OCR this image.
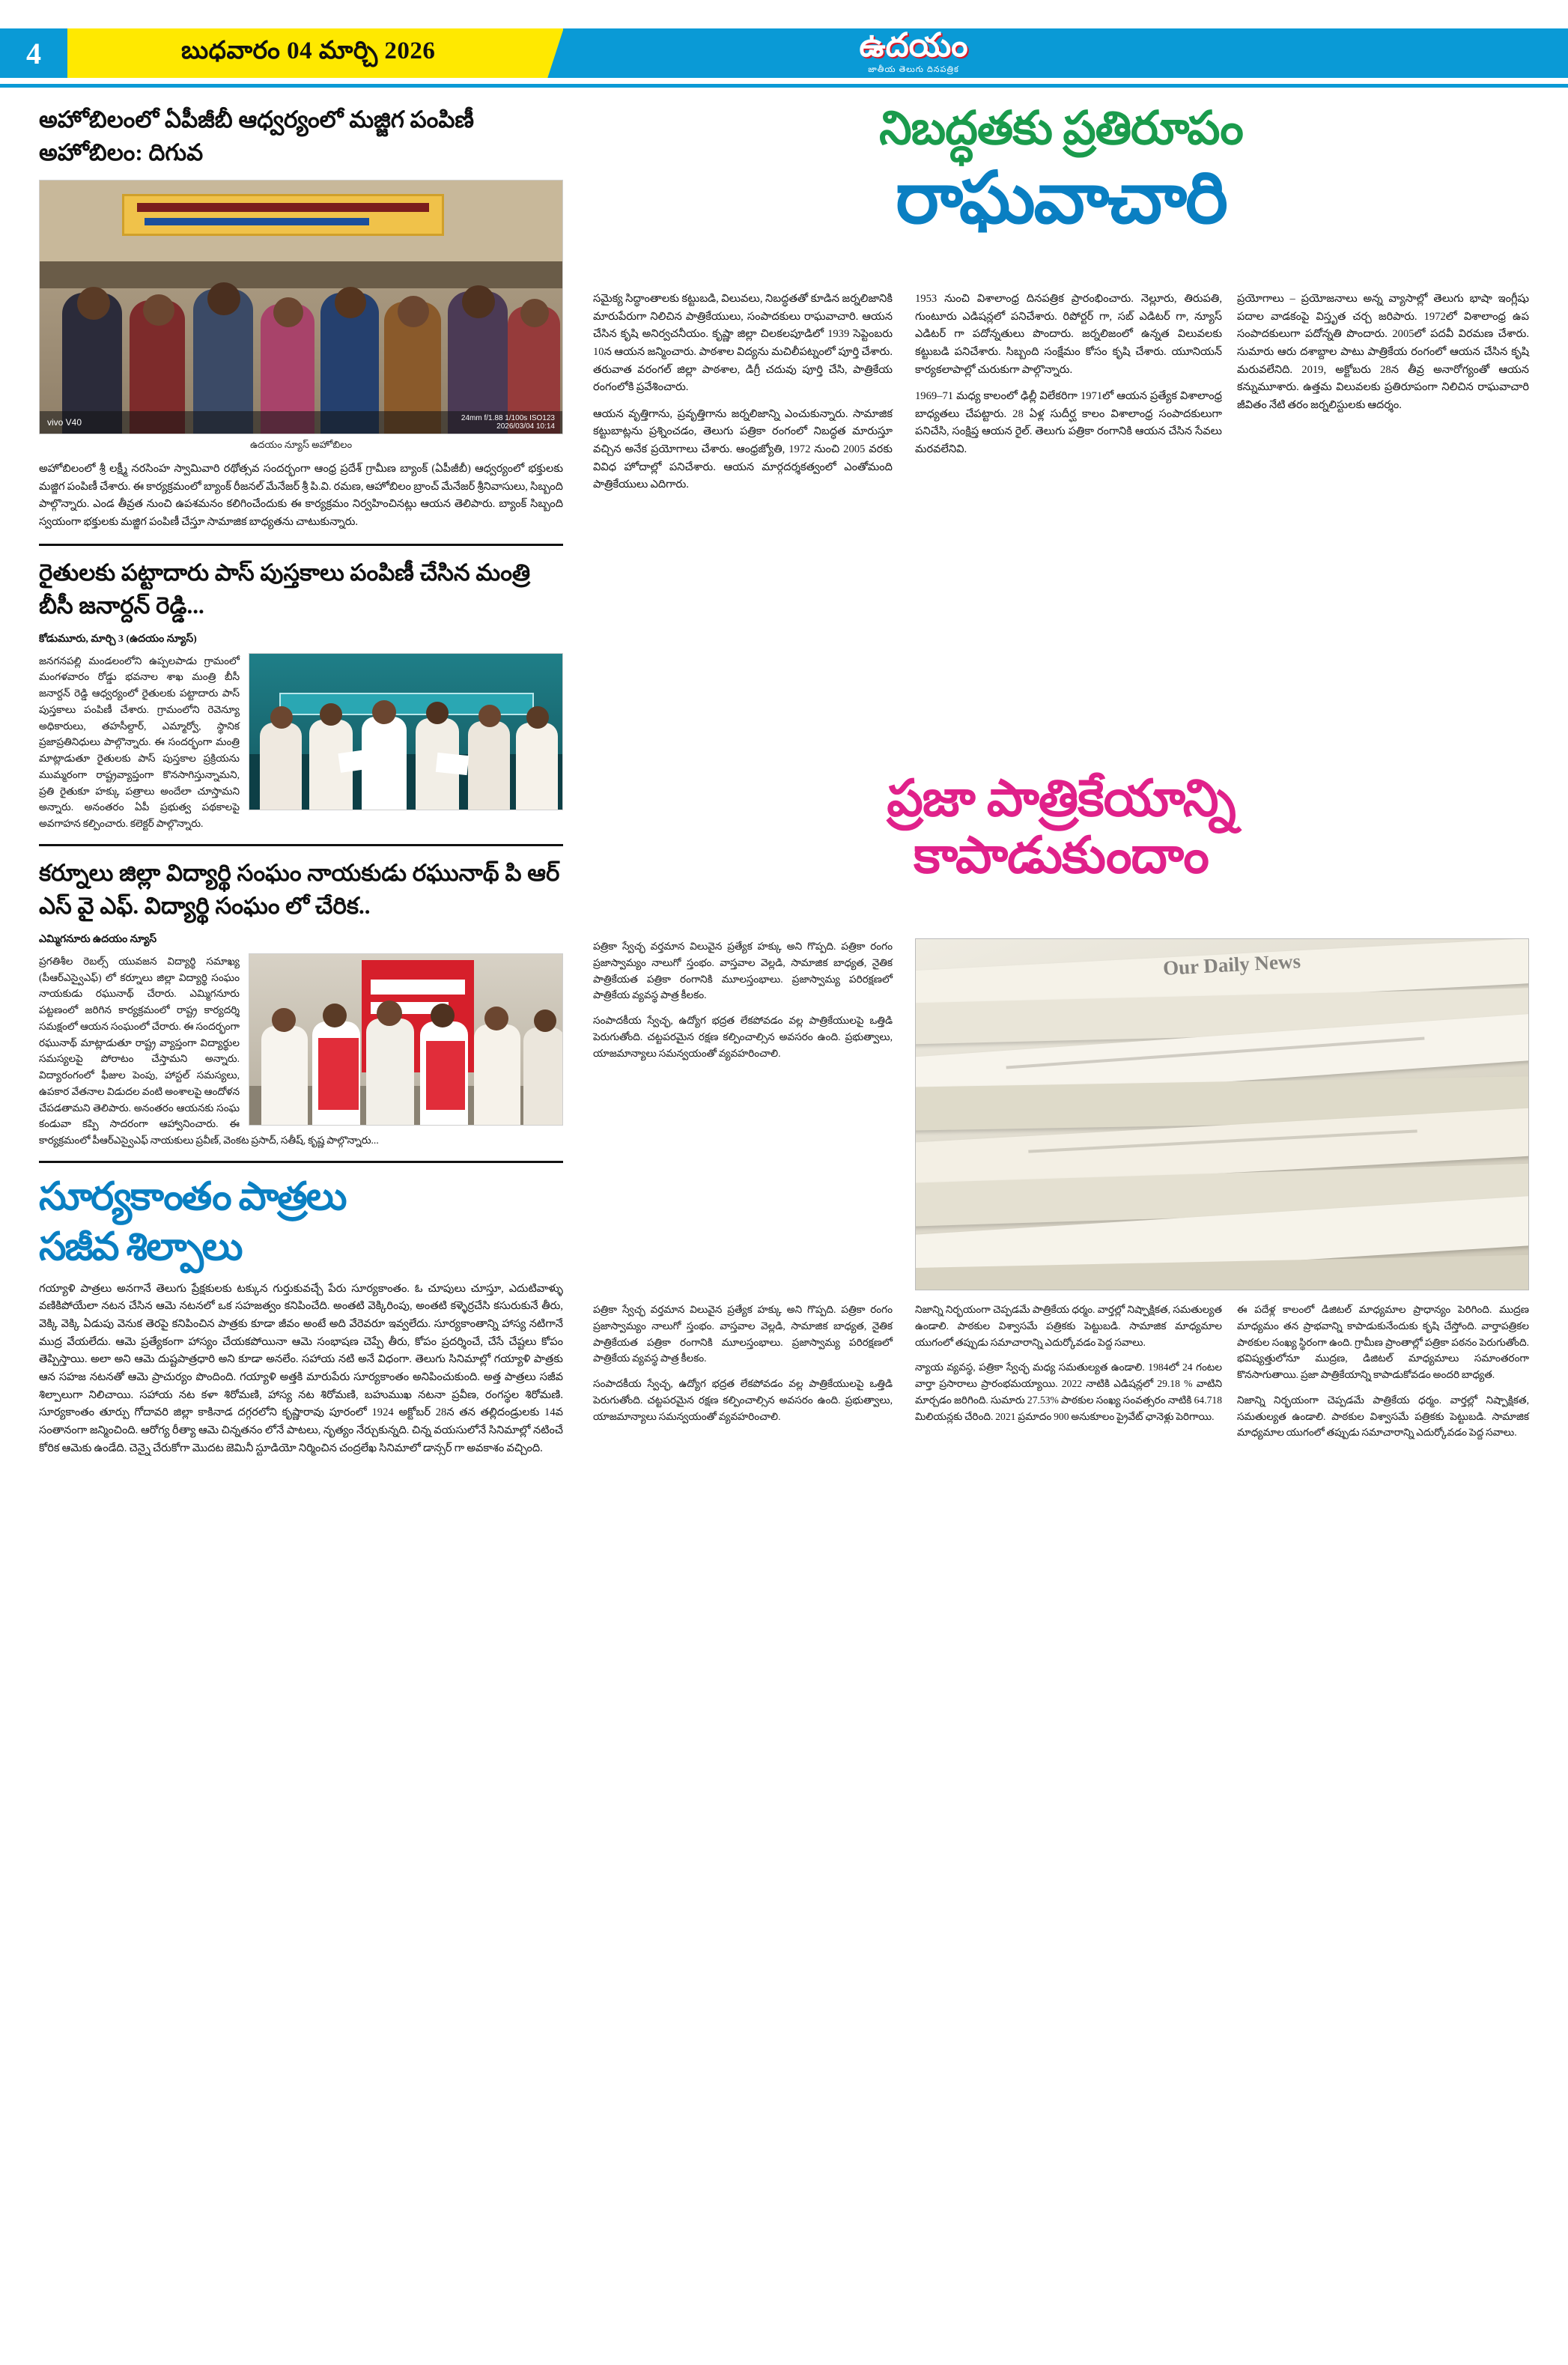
4	బుధవారం 04 మార్చి 2026	ఉదయం
జాతీయ తెలుగు దినపత్రిక
అహోబిలంలో ఏపీజీబీ ఆధ్వర్యంలో మజ్జిగ పంపిణీ అహోబిలం: దిగువ
vivo V40	24mm f/1.88 1/100s ISO123
2026/03/04 10:14
ఉదయం న్యూస్ అహోబిలం
అహోబిలంలో శ్రీ లక్ష్మీ నరసింహ స్వామివారి రథోత్సవ సందర్భంగా ఆంధ్ర ప్రదేశ్ గ్రామీణ బ్యాంక్ (ఏపీజీబీ) ఆధ్వర్యంలో భక్తులకు మజ్జిగ పంపిణీ చేశారు. ఈ కార్యక్రమంలో బ్యాంక్ రీజనల్ మేనేజర్ శ్రీ పి.వి. రమణ, ఆహోబిలం బ్రాంచ్ మేనేజర్ శ్రీనివాసులు, సిబ్బంది పాల్గొన్నారు. ఎండ తీవ్రత నుంచి ఉపశమనం కలిగించేందుకు ఈ కార్యక్రమం నిర్వహించినట్లు ఆయన తెలిపారు. బ్యాంక్ సిబ్బంది స్వయంగా భక్తులకు మజ్జిగ పంపిణీ చేస్తూ సామాజిక బాధ్యతను చాటుకున్నారు.
రైతులకు పట్టాదారు పాస్ పుస్తకాలు పంపిణీ చేసిన మంత్రి బీసీ జనార్దన్ రెడ్డి...
కోడుమూరు, మార్చి 3 (ఉదయం న్యూస్)
జనగనపల్లి మండలంలోని ఉప్పలపాడు గ్రామంలో మంగళవారం రోడ్డు భవనాల శాఖ మంత్రి బీసీ జనార్దన్ రెడ్డి ఆధ్వర్యంలో రైతులకు పట్టాదారు పాస్ పుస్తకాలు పంపిణీ చేశారు. గ్రామంలోని రెవెన్యూ అధికారులు, తహసీల్దార్, ఎమ్మార్వో, స్థానిక ప్రజాప్రతినిధులు పాల్గొన్నారు. ఈ సందర్భంగా మంత్రి మాట్లాడుతూ రైతులకు పాస్ పుస్తకాల ప్రక్రియను ముమ్మరంగా రాష్ట్రవ్యాప్తంగా కొనసాగిస్తున్నామని, ప్రతి రైతుకూ హక్కు పత్రాలు అందేలా చూస్తామని అన్నారు. అనంతరం ఏపీ ప్రభుత్వ పథకాలపై అవగాహన కల్పించారు. కలెక్టర్ పాల్గొన్నారు.
కర్నూలు జిల్లా విద్యార్థి సంఘం నాయకుడు రఘునాథ్ పి ఆర్ ఎస్ వై ఎఫ్. విద్యార్థి సంఘం లో చేరిక..
ఎమ్మిగనూరు ఉదయం న్యూస్
ప్రగతిశీల రెబల్స్ యువజన విద్యార్థి సమాఖ్య (పీఆర్ఎస్వైఎఫ్) లో కర్నూలు జిల్లా విద్యార్థి సంఘం నాయకుడు రఘునాథ్ చేరారు. ఎమ్మిగనూరు పట్టణంలో జరిగిన కార్యక్రమంలో రాష్ట్ర కార్యదర్శి సమక్షంలో ఆయన సంఘంలో చేరారు. ఈ సందర్భంగా రఘునాథ్ మాట్లాడుతూ రాష్ట్ర వ్యాప్తంగా విద్యార్థుల సమస్యలపై పోరాటం చేస్తామని అన్నారు. విద్యారంగంలో ఫీజుల పెంపు, హాస్టల్ సమస్యలు, ఉపకార వేతనాల విడుదల వంటి అంశాలపై ఆందోళన చేపడతామని తెలిపారు. అనంతరం ఆయనకు సంఘ కండువా కప్పి సాదరంగా ఆహ్వానించారు. ఈ కార్యక్రమంలో పీఆర్ఎస్వైఎఫ్ నాయకులు ప్రవీణ్, వెంకట ప్రసాద్, సతీష్, కృష్ణ పాల్గొన్నారు...
సూర్యకాంతం పాత్రలు
సజీవ శిల్పాలు
గయ్యాళి పాత్రలు అనగానే తెలుగు ప్రేక్షకులకు టక్కున గుర్తుకువచ్చే పేరు సూర్యకాంతం. ఓ చూపులు చూస్తూ, ఎదుటివాళ్ళు వణికిపోయేలా నటన చేసిన ఆమె నటనలో ఒక సహజత్వం కనిపించేది. అంతటి వెక్కిరింపు, అంతటి కళ్ళెర్రచేసి కసురుకునే తీరు, వెక్కి వెక్కి ఏడుపు వెనుక తెరపై కనిపించిన పాత్రకు కూడా జీవం అంటే అది వేరెవరూ ఇవ్వలేదు. సూర్యకాంతాన్ని హాస్య నటిగానే ముద్ర వేయలేదు. ఆమె ప్రత్యేకంగా హాస్యం చేయకపోయినా ఆమె సంభాషణ చెప్పే తీరు, కోపం ప్రదర్శించే, చేసే చేష్టలు కోపం తెప్పిస్తాయి. అలా అని ఆమె దుష్టపాత్రధారి అని కూడా అనలేం. సహాయ నటి అనే విధంగా. తెలుగు సినిమాల్లో గయ్యాళి పాత్రకు ఆన సహజ నటనతో ఆమె ప్రాచుర్యం పొందింది. గయ్యాళి అత్తకి మారుపేరు సూర్యకాంతం అనిపించుకుంది. అత్త పాత్రలు సజీవ శిల్పాలుగా నిలిచాయి. సహాయ నట కళా శిరోమణి, హాస్య నట శిరోమణి, బహుముఖ నటనా ప్రవీణ, రంగస్థల శిరోమణి. సూర్యకాంతం తూర్పు గోదావరి జిల్లా కాకినాడ దగ్గరలోని కృష్ణారావు పూరంలో 1924 అక్టోబర్ 28న తన తల్లిదండ్రులకు 14వ సంతానంగా జన్మించింది. ఆరోగ్య రీత్యా ఆమె చిన్నతనం లోనే పాటలు, నృత్యం నేర్చుకున్నది. చిన్న వయసులోనే సినిమాల్లో నటించే కోరిక ఆమెకు ఉండేది. చెన్నై చేరుకోగా మొదట జెమినీ స్టూడియో నిర్మించిన చంద్రలేఖ సినిమాలో డాన్సర్ గా అవకాశం వచ్చింది.
నిబద్ధతకు ప్రతిరూపం
రాఘవాచారి
సమైక్య సిద్ధాంతాలకు కట్టుబడి, విలువలు, నిబద్ధతతో కూడిన జర్నలిజానికి మారుపేరుగా నిలిచిన పాత్రికేయులు, సంపాదకులు రాఘవాచారి. ఆయన చేసిన కృషి అనిర్వచనీయం. కృష్ణా జిల్లా చిలకలపూడిలో 1939 సెప్టెంబరు 10న ఆయన జన్మించారు. పాఠశాల విద్యను మచిలీపట్నంలో పూర్తి చేశారు. తరువాత వరంగల్ జిల్లా పాఠశాల, డిగ్రీ చదువు పూర్తి చేసి, పాత్రికేయ రంగంలోకి ప్రవేశించారు.
ఆయన వృత్తిగాను, ప్రవృత్తిగాను జర్నలిజాన్ని ఎంచుకున్నారు. సామాజిక కట్టుబాట్లను ప్రశ్నించడం, తెలుగు పత్రికా రంగంలో నిబద్ధత మారుస్తూ వచ్చిన అనేక ప్రయోగాలు చేశారు. ఆంధ్రజ్యోతి, 1972 నుంచి 2005 వరకు వివిధ హోదాల్లో పనిచేశారు. ఆయన మార్గదర్శకత్వంలో ఎంతోమంది పాత్రికేయులు ఎదిగారు.
1953 నుంచి విశాలాంధ్ర దినపత్రిక ప్రారంభించారు. నెల్లూరు, తిరుపతి, గుంటూరు ఎడిషన్లలో పనిచేశారు. రిపోర్టర్ గా, సబ్ ఎడిటర్ గా, న్యూస్ ఎడిటర్ గా పదోన్నతులు పొందారు. జర్నలిజంలో ఉన్నత విలువలకు కట్టుబడి పనిచేశారు. సిబ్బంది సంక్షేమం కోసం కృషి చేశారు. యూనియన్ కార్యకలాపాల్లో చురుకుగా పాల్గొన్నారు.
1969–71 మధ్య కాలంలో ఢిల్లీ విలేకరిగా 1971లో ఆయన ప్రత్యేక విశాలాంధ్ర బాధ్యతలు చేపట్టారు. 28 ఏళ్ల సుదీర్ఘ కాలం విశాలాంధ్ర సంపాదకులుగా పనిచేసి, సంక్షిప్త ఆయన రైల్. తెలుగు పత్రికా రంగానికి ఆయన చేసిన సేవలు మరవలేనివి.
ప్రయోగాలు – ప్రయోజనాలు అన్న వ్యాసాల్లో తెలుగు భాషా ఇంగ్లీషు పదాల వాడకంపై విస్తృత చర్చ జరిపారు. 1972లో విశాలాంధ్ర ఉప సంపాదకులుగా పదోన్నతి పొందారు. 2005లో పదవీ విరమణ చేశారు. సుమారు ఆరు దశాబ్దాల పాటు పాత్రికేయ రంగంలో ఆయన చేసిన కృషి మరువలేనిది. 2019, అక్టోబరు 28న తీవ్ర అనారోగ్యంతో ఆయన కన్నుమూశారు. ఉత్తమ విలువలకు ప్రతిరూపంగా నిలిచిన రాఘవాచారి జీవితం నేటి తరం జర్నలిస్టులకు ఆదర్శం.
ప్రజా పాత్రికేయాన్ని
కాపాడుకుందాం
పత్రికా స్వేచ్ఛ వర్తమాన విలువైన ప్రత్యేక హక్కు అని గొప్పది. పత్రికా రంగం ప్రజాస్వామ్యం నాలుగో స్తంభం. వాస్తవాల వెల్లడి, సామాజిక బాధ్యత, నైతిక పాత్రికేయత పత్రికా రంగానికి మూలస్తంభాలు. ప్రజాస్వామ్య పరిరక్షణలో పాత్రికేయ వ్యవస్థ పాత్ర కీలకం.
సంపాదకీయ స్వేచ్ఛ, ఉద్యోగ భద్రత లేకపోవడం వల్ల పాత్రికేయులపై ఒత్తిడి పెరుగుతోంది. చట్టపరమైన రక్షణ కల్పించాల్సిన అవసరం ఉంది. ప్రభుత్వాలు, యాజమాన్యాలు సమన్వయంతో వ్యవహరించాలి.
Our Daily News
పత్రికా స్వేచ్ఛ వర్తమాన విలువైన ప్రత్యేక హక్కు అని గొప్పది. పత్రికా రంగం ప్రజాస్వామ్యం నాలుగో స్తంభం. వాస్తవాల వెల్లడి, సామాజిక బాధ్యత, నైతిక పాత్రికేయత పత్రికా రంగానికి మూలస్తంభాలు. ప్రజాస్వామ్య పరిరక్షణలో పాత్రికేయ వ్యవస్థ పాత్ర కీలకం.
సంపాదకీయ స్వేచ్ఛ, ఉద్యోగ భద్రత లేకపోవడం వల్ల పాత్రికేయులపై ఒత్తిడి పెరుగుతోంది. చట్టపరమైన రక్షణ కల్పించాల్సిన అవసరం ఉంది. ప్రభుత్వాలు, యాజమాన్యాలు సమన్వయంతో వ్యవహరించాలి.
నిజాన్ని నిర్భయంగా చెప్పడమే పాత్రికేయ ధర్మం. వార్తల్లో నిష్పాక్షికత, సమతుల్యత ఉండాలి. పాఠకుల విశ్వాసమే పత్రికకు పెట్టుబడి. సామాజిక మాధ్యమాల యుగంలో తప్పుడు సమాచారాన్ని ఎదుర్కోవడం పెద్ద సవాలు.
న్యాయ వ్యవస్థ, పత్రికా స్వేచ్ఛ మధ్య సమతుల్యత ఉండాలి. 1984లో 24 గంటల వార్తా ప్రసారాలు ప్రారంభమయ్యాయి. 2022 నాటికి ఎడిషన్లలో 29.18 % వాటిని మార్చడం జరిగింది. సుమారు 27.53% పాఠకుల సంఖ్య సంవత్సరం నాటికి 64.718 మిలియన్లకు చేరింది. 2021 ప్రమాదం 900 అనుకూలం ప్రైవేట్ ఛానెళ్లు పెరిగాయి.
ఈ పదేళ్ల కాలంలో డిజిటల్ మాధ్యమాల ప్రాధాన్యం పెరిగింది. ముద్రణ మాధ్యమం తన ప్రాభవాన్ని కాపాడుకునేందుకు కృషి చేస్తోంది. వార్తాపత్రికల పాఠకుల సంఖ్య స్థిరంగా ఉంది. గ్రామీణ ప్రాంతాల్లో పత్రికా పఠనం పెరుగుతోంది. భవిష్యత్తులోనూ ముద్రణ, డిజిటల్ మాధ్యమాలు సమాంతరంగా కొనసాగుతాయి. ప్రజా పాత్రికేయాన్ని కాపాడుకోవడం అందరి బాధ్యత.
నిజాన్ని నిర్భయంగా చెప్పడమే పాత్రికేయ ధర్మం. వార్తల్లో నిష్పాక్షికత, సమతుల్యత ఉండాలి. పాఠకుల విశ్వాసమే పత్రికకు పెట్టుబడి. సామాజిక మాధ్యమాల యుగంలో తప్పుడు సమాచారాన్ని ఎదుర్కోవడం పెద్ద సవాలు.
